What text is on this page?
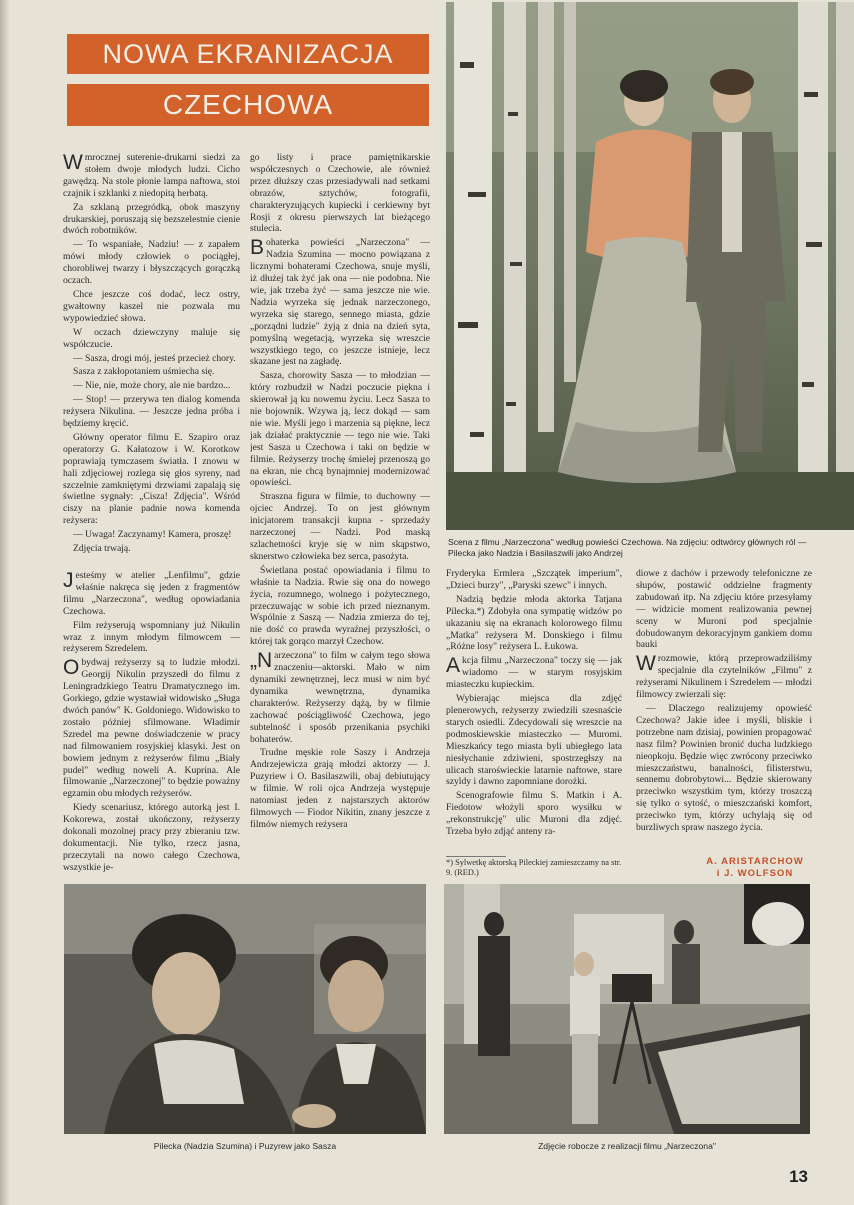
NOWA EKRANIZACJA
CZECHOWA

Wmrocznej suterenie-drukarni siedzi za stołem dwoje młodych ludzi. Cicho gawędzą. Na stole płonie lampa naftowa, stoi czajnik i szklanki z niedopitą herbatą.

Za szklaną przegródką, obok maszyny drukarskiej, poruszają się bezszelestnie cienie dwóch robotników.

— To wspaniałe, Nadziu! — z zapałem mówi młody człowiek o pociągłej, chorobliwej twarzy i błyszczących gorączką oczach.

Chce jeszcze coś dodać, lecz ostry, gwałtowny kaszel nie pozwala mu wypowiedzieć słowa.

W oczach dziewczyny maluje się współczucie.

— Sasza, drogi mój, jesteś przecież chory.

Sasza z zakłopotaniem uśmiecha się.

— Nie, nie, może chory, ale nie bardzo...

— Stop! — przerywa ten dialog komenda reżysera Nikulina. — Jeszcze jedna próba i będziemy kręcić.

Główny operator filmu E. Szapiro oraz operatorzy G. Kałatozow i W. Korotkow poprawiają tymczasem światła. I znowu w hali zdjęciowej rozlega się głos syreny, nad szczelnie zamkniętymi drzwiami zapalają się świetlne sygnały: „Cisza! Zdjęcia". Wśród ciszy na planie padnie nowa komenda reżysera:

— Uwaga! Zaczynamy! Kamera, proszę!

Zdjęcia trwają.

Jesteśmy w atelier „Lenfilmu", gdzie właśnie nakręca się jeden z fragmentów filmu „Narzeczona", według opowiadania Czechowa.

Film reżyserują wspomniany już Nikulin wraz z innym młodym filmowcem — reżyserem Szredelem.

Obydwaj reżyserzy są to ludzie młodzi. Georgij Nikulin przyszedł do filmu z Leningradzkiego Teatru Dramatycznego im. Gorkiego, gdzie wystawiał widowisko „Sługa dwóch panów" K. Goldoniego. Widowisko to zostało później sfilmowane. Władimir Szredel ma pewne doświadczenie w pracy nad filmowaniem rosyjskiej klasyki. Jest on bowiem jednym z reżyserów filmu „Biały pudel" według noweli A. Kuprina. Ale filmowanie „Narzeczonej" to będzie poważny egzamin obu młodych reżyserów.

Kiedy scenariusz, którego autorką jest I. Kokorewa, został ukończony, reżyserzy dokonali mozolnej pracy przy zbieraniu tzw. dokumentacji. Nie tylko, rzecz jasna, przeczytali na nowo całego Czechowa, wszystkie je-

go listy i prace pamiętnikarskie współczesnych o Czechowie, ale również przez dłuższy czas przesiadywali nad setkami obrazów, sztychów, fotografii, charakteryzujących kupiecki i cerkiewny byt Rosji z okresu pierwszych lat bieżącego stulecia.

Bohaterka powieści „Narzeczona" — Nadzia Szumina — mocno powiązana z licznymi bohaterami Czechowa, snuje myśli, iż dłużej tak żyć jak ona — nie podobna. Nie wie, jak trzeba żyć — sama jeszcze nie wie. Nadzia wyrzeka się jednak narzeczonego, wyrzeka się starego, sennego miasta, gdzie „porządni ludzie" żyją z dnia na dzień syta, pomyślną wegetacją, wyrzeka się wreszcie wszystkiego tego, co jeszcze istnieje, lecz skazane jest na zagładę.

Sasza, chorowity Sasza — to młodzian — który rozbudził w Nadzi poczucie piękna i skierował ją ku nowemu życiu. Lecz Sasza to nie bojownik. Wzywa ją, lecz dokąd — sam nie wie. Myśli jego i marzenia są piękne, lecz jak działać praktycznie — tego nie wie. Taki jest Sasza u Czechowa i taki on będzie w filmie. Reżyserzy trochę śmielej przenoszą go na ekran, nie chcą bynajmniej modernizować opowieści.

Straszna figura w filmie, to duchowny — ojciec Andrzej. To on jest głównym inicjatorem transakcji kupna - sprzedaży narzeczonej — Nadzi. Pod maską szlachetności kryje się w nim skąpstwo, sknerstwo człowieka bez serca, pasożyta.

Świetlana postać opowiadania i filmu to właśnie ta Nadzia. Rwie się ona do nowego życia, rozumnego, wolnego i pożytecznego, przeczuwając w sobie ich przed nieznanym. Wspólnie z Saszą — Nadzia zmierza do tej, nie dość co prawda wyraźnej przyszłości, o której tak gorąco marzył Czechow.

„Narzeczona" to film w całym tego słowa znaczeniu—aktorski. Mało w nim dynamiki zewnętrznej, lecz musi w nim być dynamika wewnętrzna, dynamika charakterów. Reżyserzy dążą, by w filmie zachować pościągliwość Czechowa, jego subtelność i sposób przenikania psychiki bohaterów.

Trudne męskie role Saszy i Andrzeja Andrzejewicza grają młodzi aktorzy — J. Puzyriew i O. Basilaszwili, obaj debiutujący w filmie. W roli ojca Andrzeja występuje natomiast jeden z najstarszych aktorów filmowych — Fiodor Nikitin, znany jeszcze z filmów niemych reżysera

Scena z filmu „Narzeczona" według powieści Czechowa. Na zdjęciu: odtwórcy głównych ról — Pilecka jako Nadzia i Basilaszwili jako Andrzej

Fryderyka Ermlera „Szczątek imperium", „Dzieci burzy", „Paryski szewc" i innych.

Nadzią będzie młoda aktorka Tatjana Pilecka.*) Zdobyła ona sympatię widzów po ukazaniu się na ekranach kolorowego filmu „Matka" reżysera M. Donskiego i filmu „Różne losy" reżysera L. Łukowa.

Akcja filmu „Narzeczona" toczy się — jak wiadomo — w starym rosyjskim miasteczku kupieckim.

Wybierając miejsca dla zdjęć plenerowych, reżyserzy zwiedzili szesnaście starych osiedli. Zdecydowali się wreszcie na podmoskiewskie miasteczko — Muromi. Mieszkańcy tego miasta byli ubiegłego lata niesłychanie zdziwieni, spostrzegłszy na ulicach staroświeckie latarnie naftowe, stare szyldy i dawno zapomniane dorożki.

Scenografowie filmu S. Matkin i A. Fiedotow włożyli sporo wysiłku w „rekonstrukcję" ulic Muroni dla zdjęć. Trzeba było zdjąć anteny ra-

*) Sylwetkę aktorską Pileckiej zamieszczamy na str. 9. (RED.)

diowe z dachów i przewody telefoniczne ze słupów, postawić oddzielne fragmenty zabudowań itp. Na zdjęciu które przesyłamy — widzicie moment realizowania pewnej sceny w Muroni pod specjalnie dobudowanym dekoracyjnym gankiem domu bauki

Wrozmowie, którą przeprowadziliśmy specjalnie dla czytelników „Filmu" z reżyserami Nikulinem i Szredelem — młodzi filmowcy zwierzali się:

— Dlaczego realizujemy opowieść Czechowa? Jakie idee i myśli, bliskie i potrzebne nam dzisiaj, powinien propagować nasz film? Powinien bronić ducha ludzkiego nieopkoju. Będzie więc zwrócony przeciwko mieszczaństwu, banalności, filisterstwu, sennemu dobrobytowi... Będzie skierowany przeciwko wszystkim tym, którzy troszczą się tylko o sytość, o mieszczański komfort, przeciwko tym, którzy uchylają się od burzliwych spraw naszego życia.

A. ARISTARCHOW
i J. WOLFSON
Pilecka (Nadzia Szumina) i Puzyrew jako Sasza	Zdjęcie robocze z realizacji filmu „Narzeczona"
13
